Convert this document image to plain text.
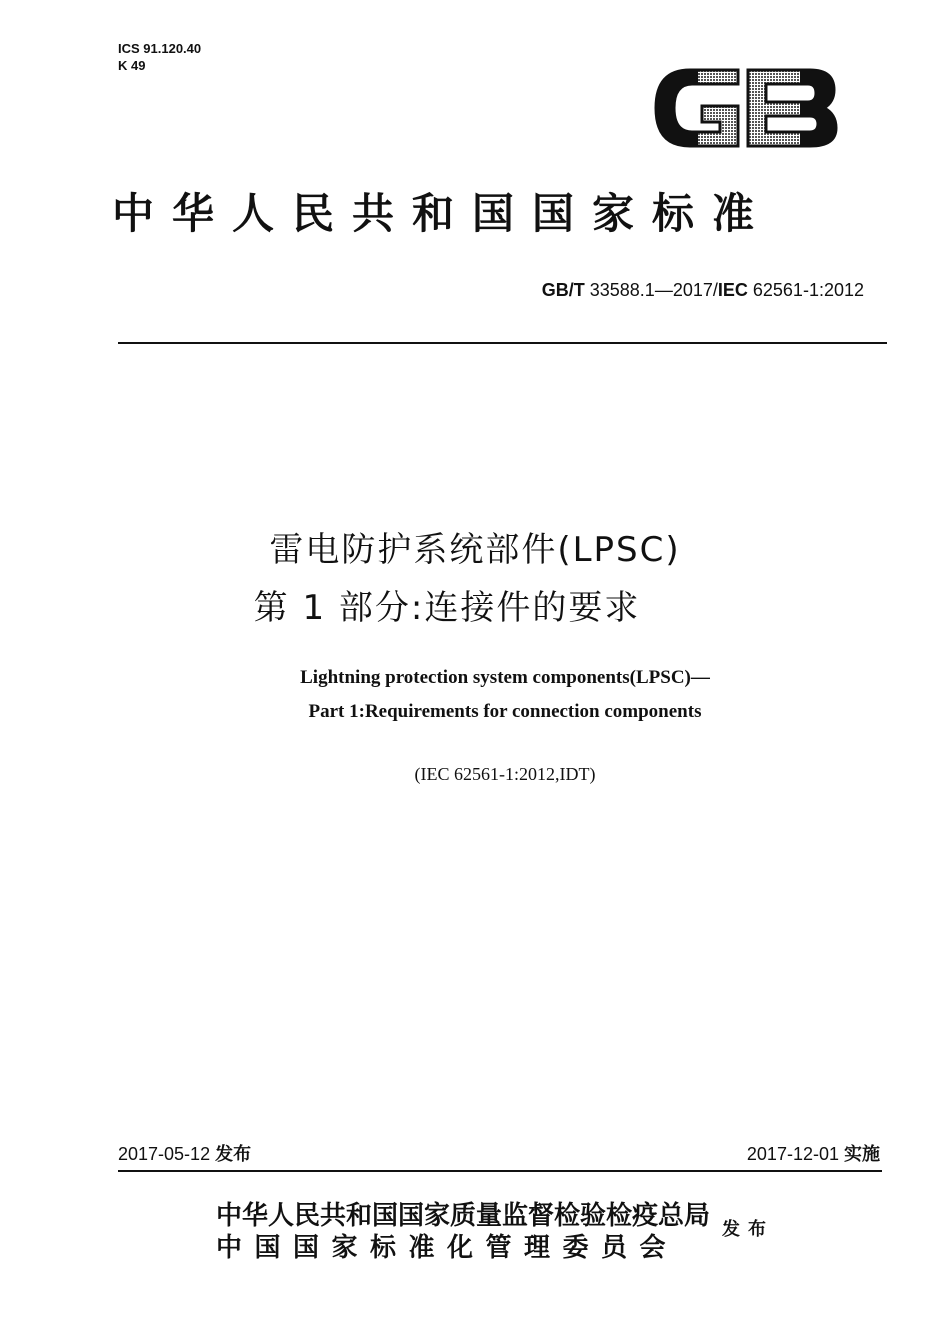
ICS 91.120.40
K 49
GB
中华人民共和国国家标准
GB/T 33588.1—2017/IEC 62561-1:2012
雷电防护系统部件(LPSC)
第 1 部分:连接件的要求
Lightning protection system components(LPSC)—
Part 1:Requirements for connection components
(IEC 62561-1:2012,IDT)
2017-05-12 发布	2017-12-01 实施
中华人民共和国国家质量监督检验检疫总局
中国国家标准化管理委员会
发布
